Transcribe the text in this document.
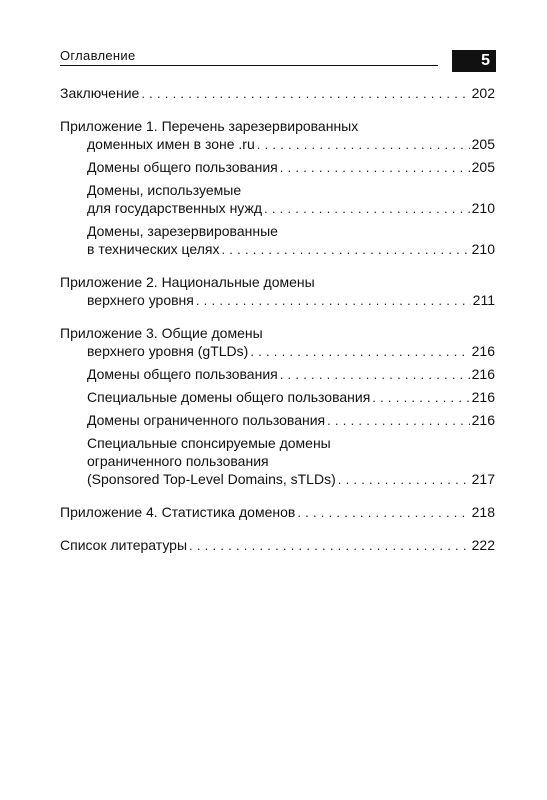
Оглавление	5
Заключение . . .	202
Приложение 1. Перечень зарезервированных
доменных имен в зоне .ru . . .	205
Домены общего пользования . . .	205
Домены, используемые
для государственных нужд . . .	210
Домены, зарезервированные
в технических целях . . .	210
Приложение 2. Национальные домены
верхнего уровня . . .	211
Приложение 3. Общие домены
верхнего уровня (gTLDs) . . .	216
Домены общего пользования . . .	216
Специальные домены общего пользования . . .	216
Домены ограниченного пользования . . .	216
Специальные спонсируемые домены
ограниченного пользования
(Sponsored Top-Level Domains, sTLDs) . . .	217
Приложение 4. Статистика доменов . . .	218
Список литературы . . .	222
